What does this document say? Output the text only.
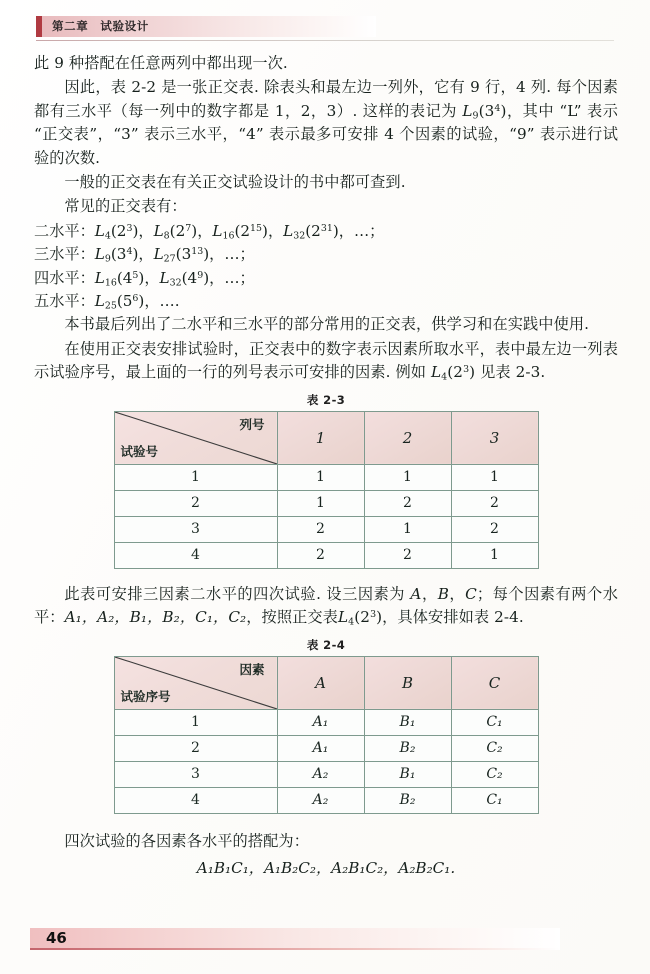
第二章　试验设计

此 9 种搭配在任意两列中都出现一次.

因此，表 2-2 是一张正交表. 除表头和最左边一列外，它有 9 行，4 列. 每个因素都有三水平（每一列中的数字都是 1，2，3）. 这样的表记为 $L_9(3^4)$，其中 “L” 表示 “正交表”，“3” 表示三水平，“4” 表示最多可安排 4 个因素的试验，“9” 表示进行试验的次数.

一般的正交表在有关正交试验设计的书中都可查到.

常见的正交表有：

二水平：$L_4(2^3)$，$L_8(2^7)$，$L_{16}(2^{15})$，$L_{32}(2^{31})$，…；
三水平：$L_9(3^4)$，$L_{27}(3^{13})$，…；
四水平：$L_{16}(4^5)$，$L_{32}(4^9)$，…；
五水平：$L_{25}(5^6)$，….

本书最后列出了二水平和三水平的部分常用的正交表，供学习和在实践中使用.

在使用正交表安排试验时，正交表中的数字表示因素所取水平，表中最左边一列表示试验序号，最上面的一行的列号表示可安排的因素. 例如 $L_4(2^3)$ 见表 2-3.

表 2-3
列号
试验号	1	2	3
1	1	1	1
2	1	2	2
3	2	1	2
4	2	2	1

此表可安排三因素二水平的四次试验. 设三因素为 A，B，C；每个因素有两个水平：A₁，A₂，B₁，B₂，C₁，C₂，按照正交表$L_4(2^3)$，具体安排如表 2-4.

表 2-4
因素
试验序号	A	B	C
1	A₁	B₁	C₁
2	A₁	B₂	C₂
3	A₂	B₁	C₂
4	A₂	B₂	C₁

四次试验的各因素各水平的搭配为：

A₁B₁C₁，A₁B₂C₂，A₂B₁C₂，A₂B₂C₁.

46
